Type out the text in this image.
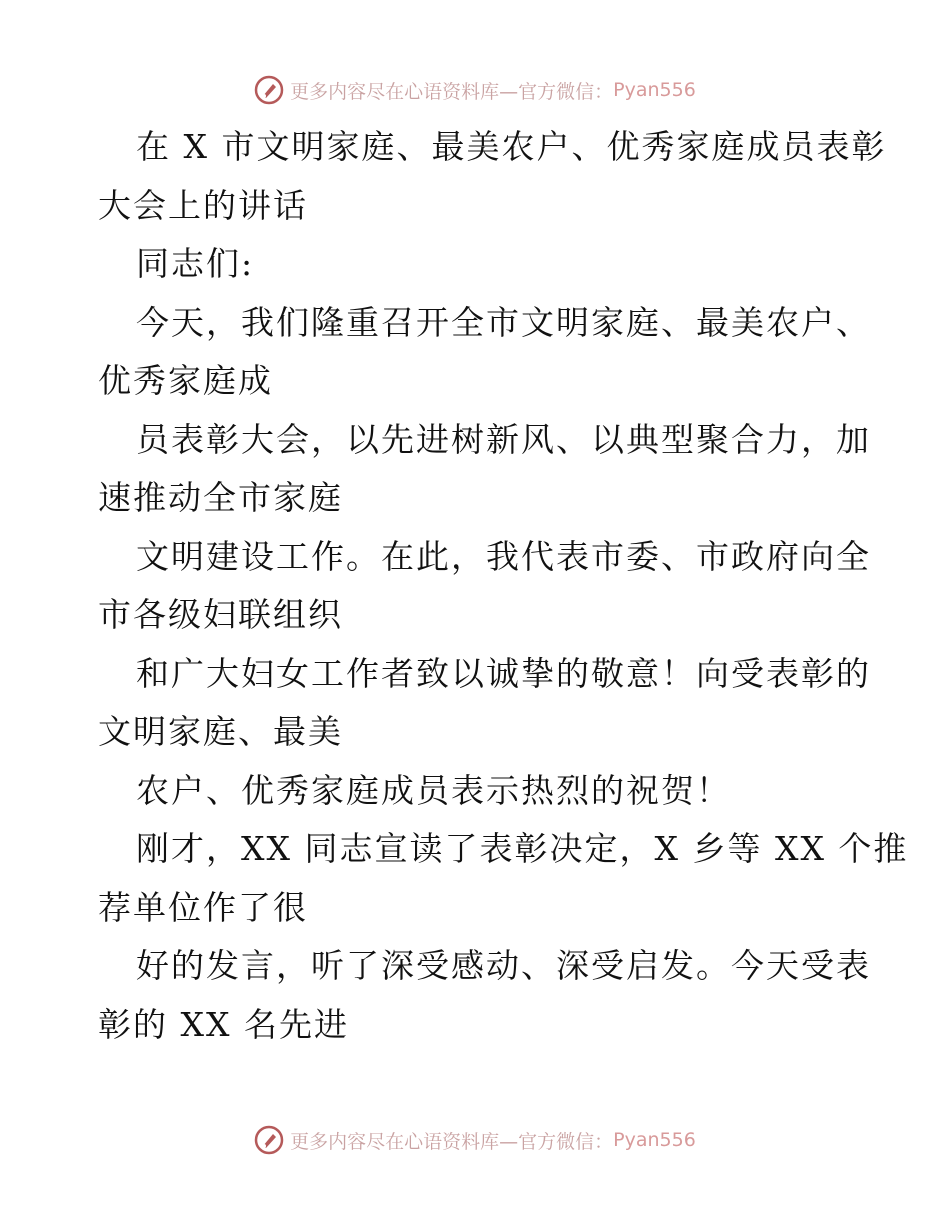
更多内容尽在心语资料库—官方微信： Pyan556
在 X 市文明家庭、最美农户、优秀家庭成员表彰
大会上的讲话
同志们:
今天，我们隆重召开全市文明家庭、最美农户、
优秀家庭成
员表彰大会，以先进树新风、以典型聚合力，加
速推动全市家庭
文明建设工作。在此，我代表市委、市政府向全
市各级妇联组织
和广大妇女工作者致以诚挚的敬意！向受表彰的
文明家庭、最美
农户、优秀家庭成员表示热烈的祝贺！
刚才，XX 同志宣读了表彰决定，X 乡等 XX 个推
荐单位作了很
好的发言，听了深受感动、深受启发。今天受表
彰的 XX 名先进
更多内容尽在心语资料库—官方微信： Pyan556
